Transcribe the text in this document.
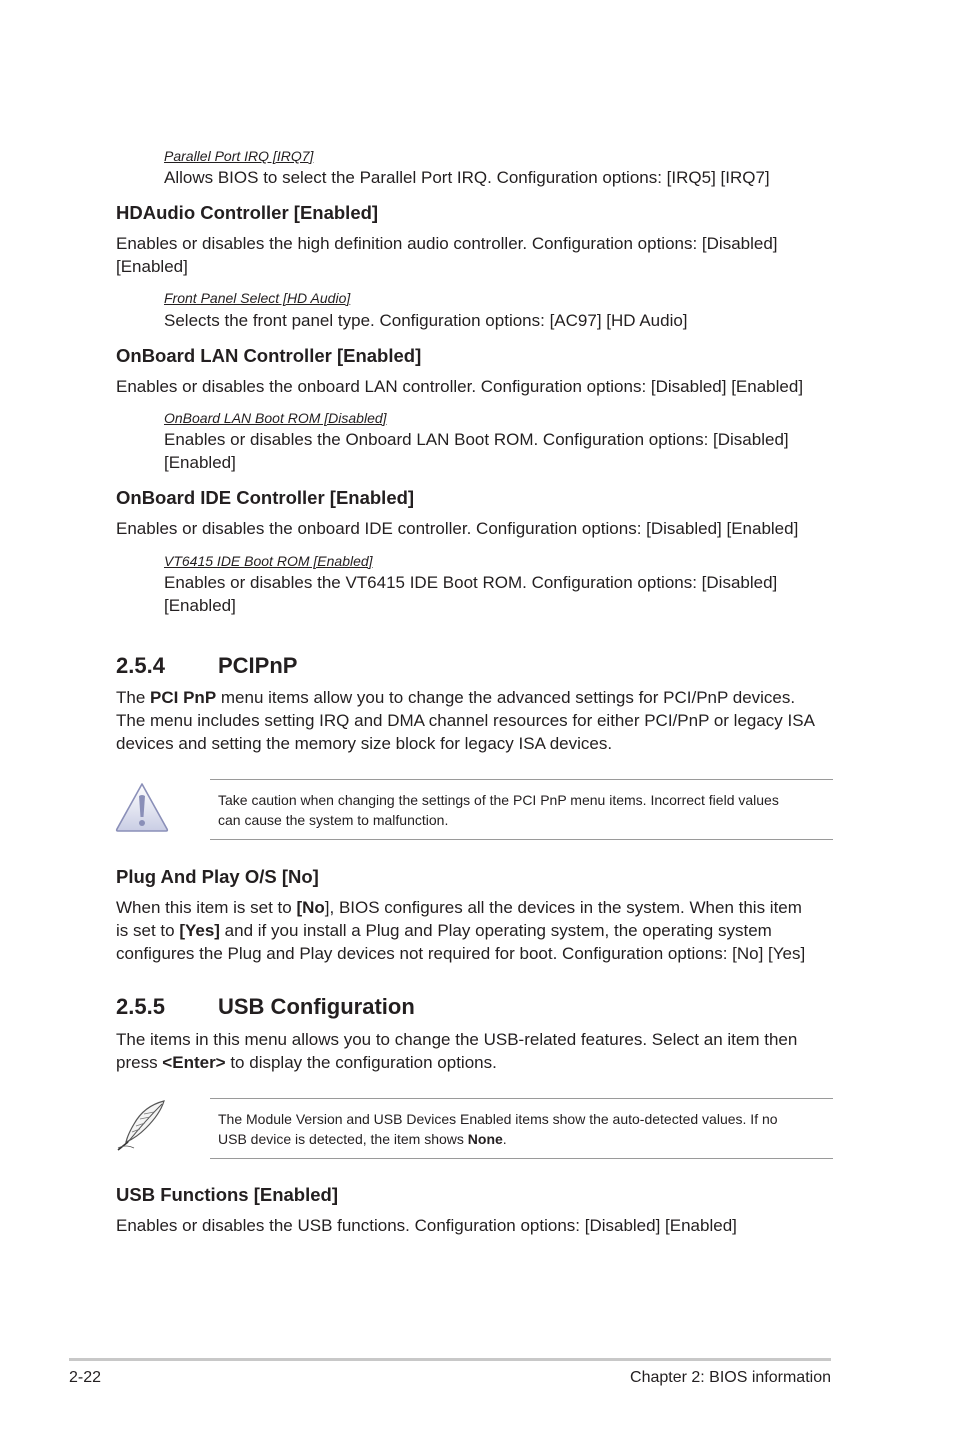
Parallel Port IRQ [IRQ7]
Allows BIOS to select the Parallel Port IRQ. Configuration options: [IRQ5] [IRQ7]
HDAudio Controller [Enabled]
Enables or disables the high definition audio controller. Configuration options: [Disabled]
[Enabled]
Front Panel Select [HD Audio]
Selects the front panel type. Configuration options: [AC97] [HD Audio]
OnBoard LAN Controller [Enabled]
Enables or disables the onboard LAN controller. Configuration options: [Disabled] [Enabled]
OnBoard LAN Boot ROM [Disabled]
Enables or disables the Onboard LAN Boot ROM. Configuration options: [Disabled]
[Enabled]
OnBoard IDE Controller [Enabled]
Enables or disables the onboard IDE controller. Configuration options: [Disabled] [Enabled]
VT6415 IDE Boot ROM [Enabled]
Enables or disables the VT6415 IDE Boot ROM. Configuration options: [Disabled]
[Enabled]
2.5.4 PCIPnP
The PCI PnP menu items allow you to change the advanced settings for PCI/PnP devices.
The menu includes setting IRQ and DMA channel resources for either PCI/PnP or legacy ISA
devices and setting the memory size block for legacy ISA devices.
Take caution when changing the settings of the PCI PnP menu items. Incorrect field values
can cause the system to malfunction.
Plug And Play O/S [No]
When this item is set to [No], BIOS configures all the devices in the system. When this item
is set to [Yes] and if you install a Plug and Play operating system, the operating system
configures the Plug and Play devices not required for boot. Configuration options: [No] [Yes]
2.5.5 USB Configuration
The items in this menu allows you to change the USB-related features. Select an item then
press <Enter> to display the configuration options.
The Module Version and USB Devices Enabled items show the auto-detected values. If no
USB device is detected, the item shows None.
USB Functions [Enabled]
Enables or disables the USB functions. Configuration options: [Disabled] [Enabled]
2-22	Chapter 2: BIOS information
